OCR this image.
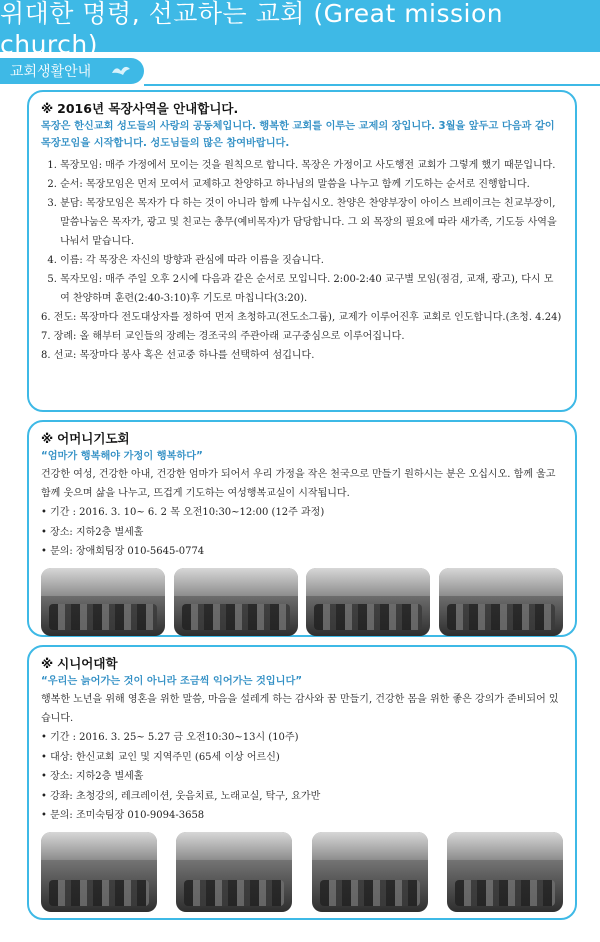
위대한 명령, 선교하는 교회 (Great mission church)
교회생활안내
※ 2016년 목장사역을 안내합니다.
목장은 한신교회 성도들의 사랑의 공동체입니다. 행복한 교회를 이루는 교제의 장입니다. 3월을 앞두고 다음과 같이 목장모임을 시작합니다. 성도님들의 많은 참여바랍니다.
1. 목장모임: 매주 가정에서 모이는 것을 원칙으로 합니다. 목장은 가정이고 사도행전 교회가 그렇게 했기 때문입니다.
2. 순서: 목장모임은 먼저 모여서 교제하고 찬양하고 하나님의 말씀을 나누고 함께 기도하는 순서로 진행합니다.
3. 분담: 목장모임은 목자가 다 하는 것이 아니라 함께 나누십시오. 찬양은 찬양부장이 아이스 브레이크는 친교부장이, 말씀나눔은 목자가, 광고 및 친교는 총무(예비목자)가 담당합니다. 그 외 목장의 필요에 따라 새가족, 기도등 사역을 나눠서 맡습니다.
4. 이름: 각 목장은 자신의 방향과 관심에 따라 이름을 짓습니다.
5. 목자모임: 매주 주일 오후 2시에 다음과 같은 순서로 모입니다. 2:00-2:40 교구별 모임(점검, 교재, 광고), 다시 모여 찬양하며 훈련(2:40-3:10)후 기도로 마칩니다(3:20).
6. 전도: 목장마다 전도대상자를 정하여 먼저 초청하고(전도소그룹), 교제가 이루어진후 교회로 인도합니다.(초청. 4.24)
7. 장례: 올 해부터 교인들의 장례는 경조국의 주관아래 교구중심으로 이루어집니다.
8. 선교: 목장마다 봉사 혹은 선교중 하나를 선택하여 섬깁니다.
※ 어머니기도회
“엄마가 행복해야 가정이 행복하다”
건강한 여성, 건강한 아내, 건강한 엄마가 되어서 우리 가정을 작은 천국으로 만들기 원하시는 분은 오십시오. 함께 울고 함께 웃으며 삶을 나누고, 뜨겁게 기도하는 여성행복교실이 시작됩니다.
• 기간 : 2016. 3. 10~ 6. 2 목 오전10:30~12:00 (12주 과정)
• 장소: 지하2층 별세홀
• 문의: 장애희팀장 010-5645-0774
※ 시니어대학
“우리는 늙어가는 것이 아니라 조금씩 익어가는 것입니다”
행복한 노년을 위해 영혼을 위한 말씀, 마음을 설레게 하는 감사와 꿈 만들기, 건강한 몸을 위한 좋은 강의가 준비되어 있습니다.
• 기간 : 2016. 3. 25~ 5.27 금 오전10:30~13시 (10주)
• 대상: 한신교회 교인 및 지역주민 (65세 이상 어르신)
• 장소: 지하2층 별세홀
• 강좌: 초청강의, 레크레이션, 웃음치료, 노래교실, 탁구, 요가반
• 문의: 조미숙팀장 010-9094-3658
